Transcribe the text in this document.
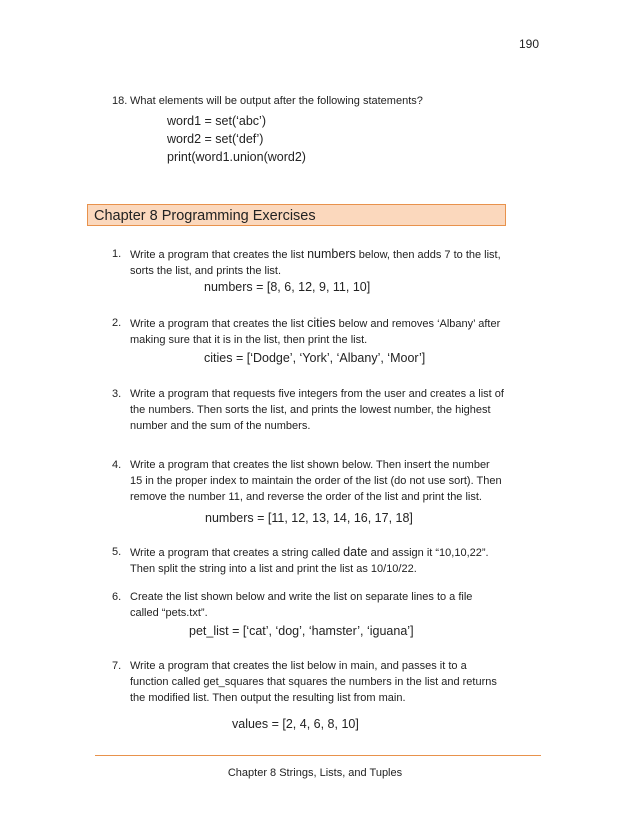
190
18. What elements will be output after the following statements?
word1 = set(‘abc’)
word2 = set(‘def’)
print(word1.union(word2)
Chapter 8 Programming Exercises
1. Write a program that creates the list numbers below, then adds 7 to the list, sorts the list, and prints the list.
numbers = [8, 6, 12, 9, 11, 10]
2. Write a program that creates the list cities below and removes ‘Albany’ after making sure that it is in the list, then print the list.
cities = [‘Dodge’, ‘York’, ‘Albany’, ‘Moor’]
3. Write a program that requests five integers from the user and creates a list of the numbers. Then sorts the list, and prints the lowest number, the highest number and the sum of the numbers.
4. Write a program that creates the list shown below. Then insert the number 15 in the proper index to maintain the order of the list (do not use sort). Then remove the number 11, and reverse the order of the list and print the list.
numbers = [11, 12, 13, 14, 16, 17, 18]
5. Write a program that creates a string called date and assign it “10,10,22”. Then split the string into a list and print the list as 10/10/22.
6. Create the list shown below and write the list on separate lines to a file called “pets.txt”.
pet_list = [‘cat’, ‘dog’, ‘hamster’, ‘iguana’]
7. Write a program that creates the list below in main, and passes it to a function called get_squares that squares the numbers in the list and returns the modified list. Then output the resulting list from main.
values = [2, 4, 6, 8, 10]
Chapter 8 Strings, Lists, and Tuples
